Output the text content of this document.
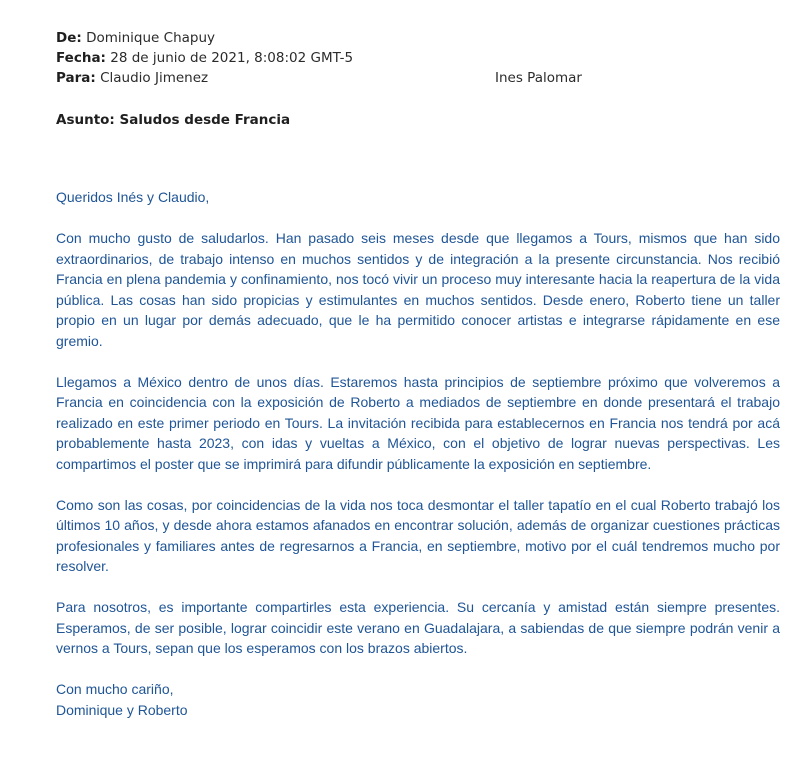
De: Dominique Chapuy
Fecha: 28 de junio de 2021, 8:08:02 GMT-5
Para: Claudio Jimenez	Ines Palomar
Asunto: Saludos desde Francia

Queridos Inés y Claudio,

Con mucho gusto de saludarlos. Han pasado seis meses desde que llegamos a Tours, mismos que han sido extraordinarios, de trabajo intenso en muchos sentidos y de integración a la presente circunstancia. Nos recibió Francia en plena pandemia y confinamiento, nos tocó vivir un proceso muy interesante hacia la reapertura de la vida pública. Las cosas han sido propicias y estimulantes en muchos sentidos. Desde enero, Roberto tiene un taller propio en un lugar por demás adecuado, que le ha permitido conocer artistas e integrarse rápidamente en ese gremio.

Llegamos a México dentro de unos días. Estaremos hasta principios de septiembre próximo que volveremos a Francia en coincidencia con la exposición de Roberto a mediados de septiembre en donde presentará el trabajo realizado en este primer periodo en Tours. La invitación recibida para establecernos en Francia nos tendrá por acá probablemente hasta 2023, con idas y vueltas a México, con el objetivo de lograr nuevas perspectivas. Les compartimos el poster que se imprimirá para difundir públicamente la exposición en septiembre.

Como son las cosas, por coincidencias de la vida nos toca desmontar el taller tapatío en el cual Roberto trabajó los últimos 10 años, y desde ahora estamos afanados en encontrar solución, además de organizar cuestiones prácticas profesionales y familiares antes de regresarnos a Francia, en septiembre, motivo por el cuál tendremos mucho por resolver.

Para nosotros, es importante compartirles esta experiencia. Su cercanía y amistad están siempre presentes. Esperamos, de ser posible, lograr coincidir este verano en Guadalajara, a sabiendas de que siempre podrán venir a vernos a Tours, sepan que los esperamos con los brazos abiertos.

Con mucho cariño,

Dominique y Roberto
